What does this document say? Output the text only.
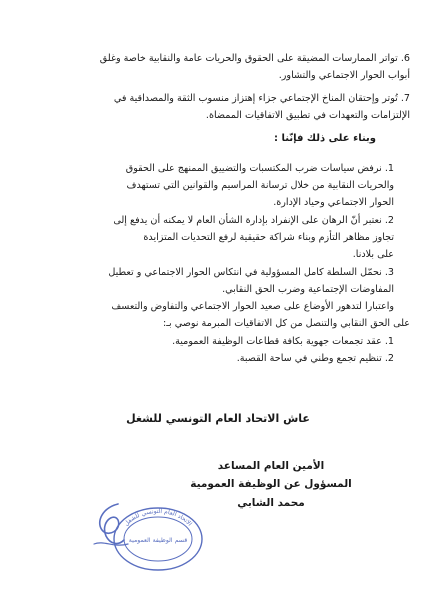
6.تواتر الممارسات المضيقة على الحقوق والحريات عامة والنقابية خاصة وغلق
أبواب الحوار الاجتماعي والتشاور.
7.تُوتر وإحتقان المناخ الإجتماعي جزاء إهتزاز منسوب الثقة والمصداقية في
الإلتزامات والتعهدات في تطبيق الاتفاقيات الممضاة.
وبناء على ذلك فإنّنا :
1.نرفض سياسات ضرب المكتسبات والتضييق الممنهج على الحقوق
والحريات النقابية من خلال ترسانة المراسيم والقوانين التي تستهدف
الحوار الاجتماعي وحياد الإدارة.
2.نعتبر أنّ الرهان على الإنفراد بإدارة الشأن العام لا يمكنه أن يدفع إلى
تجاوز مظاهر التأزم وبناء شراكة حقيقية لرفع التحديات المتزايدة
على بلادنا.
3.نحمّل السلطة كامل المسؤولية في انتكاس الحوار الاجتماعي و تعطيل
المفاوضات الإجتماعية وضرب الحق النقابي.
واعتبارا لتدهور الأوضاع على صعيد الحوار الاجتماعي والتفاوض والتعسف
على الحق النقابي والتنصل من كل الاتفاقيات المبرمة نوصي بـ:
1.عقد تجمعات جهوية بكافة قطاعات الوظيفة العمومية.
2.تنظيم تجمع وطني في ساحة القصبة.
عاش الاتحاد العام التونسي للشغل
الأمين العام المساعد
المسؤول عن الوظيفة العمومية
محمد الشابي
الاتحاد العام التونسي للشغل
قسم الوظيفة العمومية
